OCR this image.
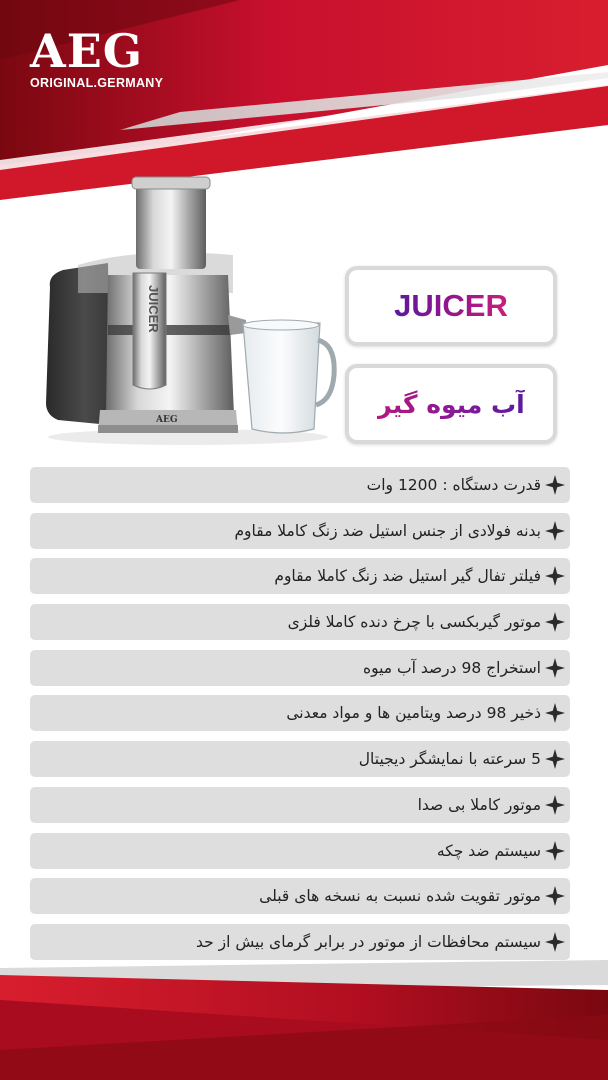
AEG
ORIGINAL.GERMANY
JUICER
AEG
JUICER
آب میوه گیر
قدرت دستگاه : 1200 وات
بدنه فولادی از جنس استیل ضد زنگ کاملا مقاوم
فیلتر تفال گیر استیل ضد زنگ کاملا مقاوم
موتور گیربکسی با چرخ دنده کاملا فلزی
استخراج 98 درصد آب میوه
ذخیر 98 درصد ویتامین ها و مواد معدنی
5 سرعته با نمایشگر دیجیتال
موتور کاملا بی صدا
سیستم ضد چکه
موتور تقویت شده نسبت به نسخه های قبلی
سیستم محافظات از موتور در برابر گرمای بیش از حد
